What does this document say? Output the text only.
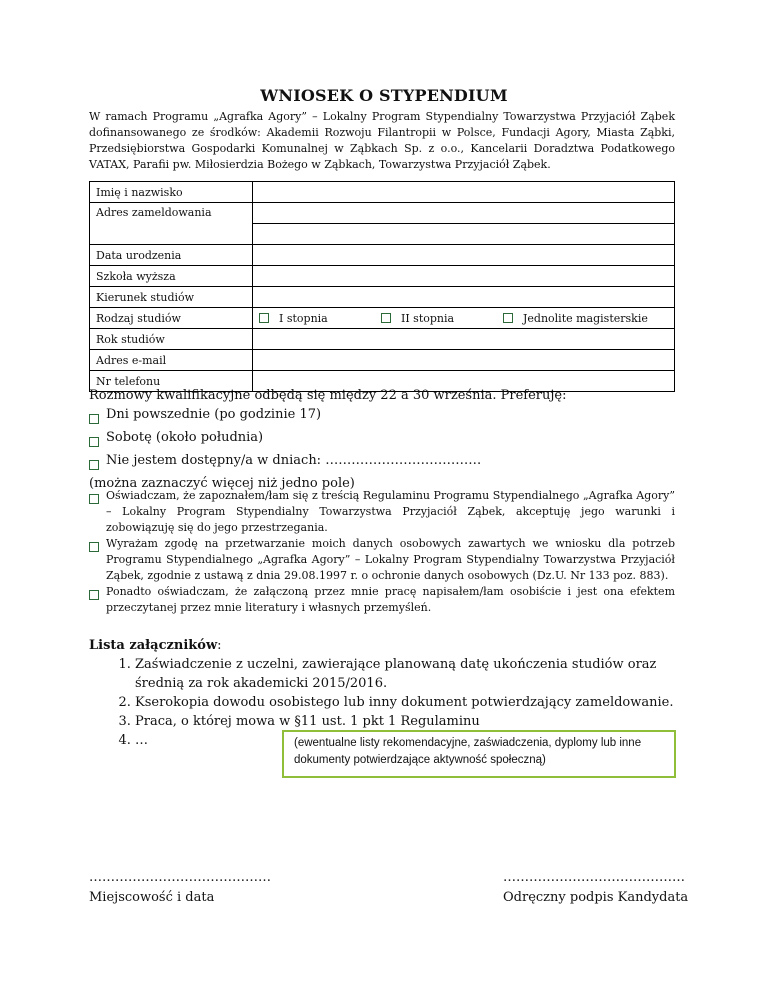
WNIOSEK O STYPENDIUM
W ramach Programu „Agrafka Agory” – Lokalny Program Stypendialny Towarzystwa Przyjaciół Ząbek dofinansowanego ze środków: Akademii Rozwoju Filantropii w Polsce, Fundacji Agory, Miasta Ząbki, Przedsiębiorstwa Gospodarki Komunalnej w Ząbkach Sp. z o.o., Kancelarii Doradztwa Podatkowego VATAX, Parafii pw. Miłosierdzia Bożego w Ząbkach, Towarzystwa Przyjaciół Ząbek.
Imię i nazwisko			
Adres zameldowania			

Data urodzenia			
Szkoła wyższa			
Kierunek studiów			
Rodzaj studiów	I stopnia	II stopnia	Jednolite magisterskie
Rok studiów			
Adres e-mail			
Nr telefonu			
Rozmowy kwalifikacyjne odbędą się między 22 a 30 września. Preferuję:
Dni powszednie (po godzinie 17)
Sobotę (około południa)
Nie jestem dostępny/a w dniach: ………………………………
(można zaznaczyć więcej niż jedno pole)
Oświadczam, że zapoznałem/łam się z treścią Regulaminu Programu Stypendialnego „Agrafka Agory” – Lokalny Program Stypendialny Towarzystwa Przyjaciół Ząbek, akceptuję jego warunki i zobowiązuję się do jego przestrzegania.
Wyrażam zgodę na przetwarzanie moich danych osobowych zawartych we wniosku dla potrzeb Programu Stypendialnego „Agrafka Agory” – Lokalny Program Stypendialny Towarzystwa Przyjaciół Ząbek, zgodnie z ustawą z dnia 29.08.1997 r. o ochronie danych osobowych (Dz.U. Nr 133 poz. 883).
Ponadto oświadczam, że załączoną przez mnie pracę napisałem/łam osobiście i jest ona efektem przeczytanej przez mnie literatury i własnych przemyśleń.
Lista załączników:
1. Zaświadczenie z uczelni, zawierające planowaną datę ukończenia studiów oraz średnią za rok akademicki 2015/2016.
2. Kserokopia dowodu osobistego lub inny dokument potwierdzający zameldowanie.
3. Praca, o której mowa w §11 ust. 1 pkt 1 Regulaminu
4. …	(ewentualne listy rekomendacyjne, zaświadczenia, dyplomy lub inne dokumenty potwierdzające aktywność społeczną)
……………………………………
Miejscowość i data
……………………………………
Odręczny podpis Kandydata
